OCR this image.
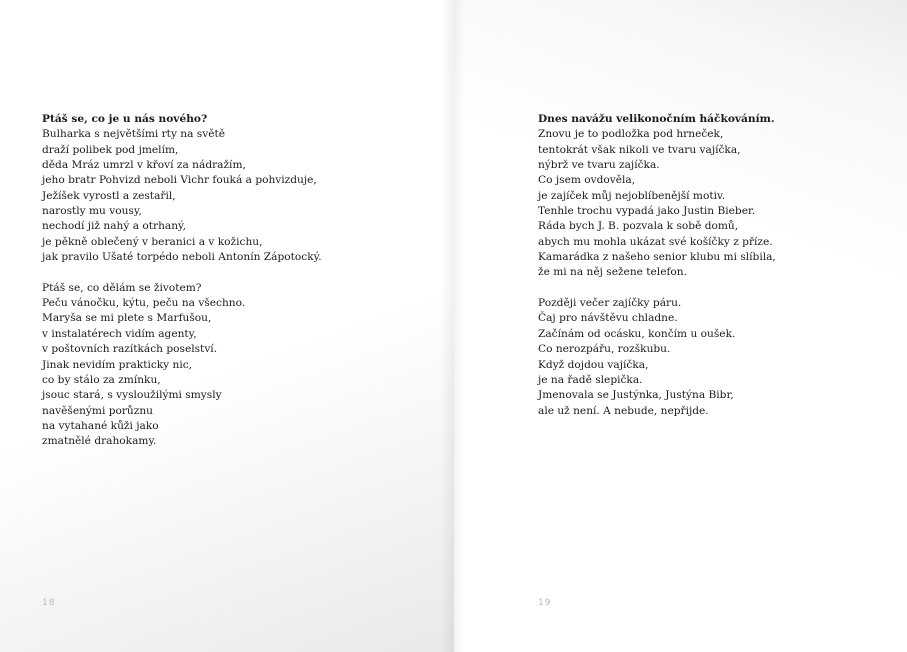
Ptáš se, co je u nás nového?
Bulharka s největšími rty na světě
draží polibek pod jmelím,
děda Mráz umrzl v křoví za nádražím,
jeho bratr Pohvizd neboli Vichr fouká a pohvizduje,
Ježíšek vyrostl a zestařil,
narostly mu vousy,
nechodí již nahý a otrhaný,
je pěkně oblečený v beranici a v kožichu,
jak pravilo Ušaté torpédo neboli Antonín Zápotocký.
Ptáš se, co dělám se životem?
Peču vánočku, kýtu, peču na všechno.
Maryša se mi plete s Marfušou,
v instalatérech vidím agenty,
v poštovních razítkách poselství.
Jinak nevidím prakticky nic,
co by stálo za zmínku,
jsouc stará, s vysloužilými smysly
navěšenými porůznu
na vytahané kůži jako
zmatnělé drahokamy.
18
Dnes navážu velikonočním háčkováním.
Znovu je to podložka pod hrneček,
tentokrát však nikoli ve tvaru vajíčka,
nýbrž ve tvaru zajíčka.
Co jsem ovdověla,
je zajíček můj nejoblíbenější motiv.
Tenhle trochu vypadá jako Justin Bieber.
Ráda bych J. B. pozvala k sobě domů,
abych mu mohla ukázat své košíčky z příze.
Kamarádka z našeho senior klubu mi slíbila,
že mi na něj sežene telefon.
Později večer zajíčky páru.
Čaj pro návštěvu chladne.
Začínám od ocásku, končím u oušek.
Co nerozpářu, rozškubu.
Když dojdou vajíčka,
je na řadě slepička.
Jmenovala se Justýnka, Justýna Bibr,
ale už není. A nebude, nepřijde.
19
